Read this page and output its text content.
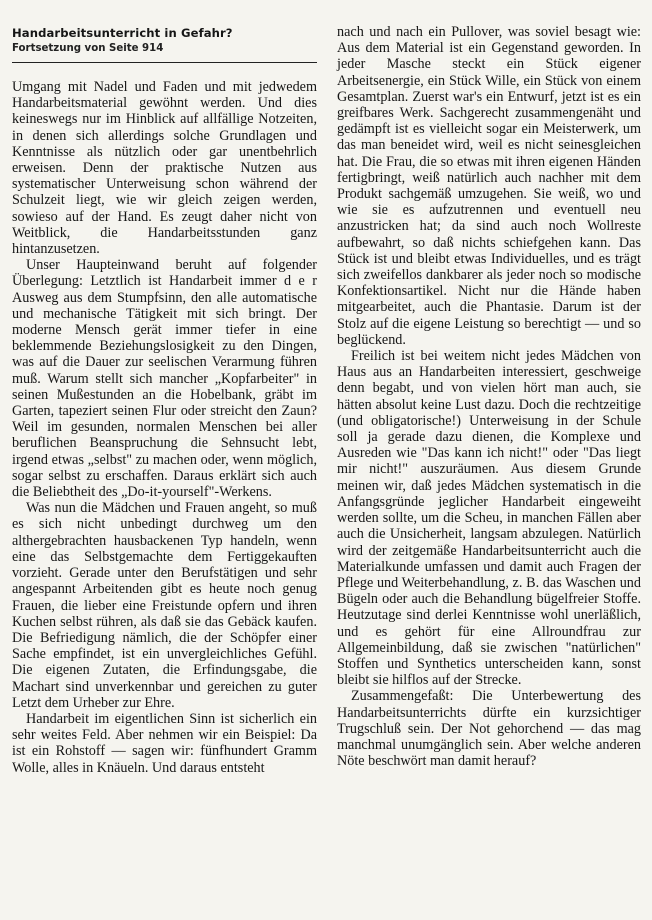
Handarbeitsunterricht in Gefahr?
Fortsetzung von Seite 914

Umgang mit Nadel und Faden und mit jedwedem Handarbeitsmaterial gewöhnt werden. Und dies keineswegs nur im Hinblick auf allfällige Notzeiten, in denen sich allerdings solche Grundlagen und Kenntnisse als nützlich oder gar unentbehrlich erweisen. Denn der praktische Nutzen aus systematischer Unterweisung schon während der Schulzeit liegt, wie wir gleich zeigen werden, sowieso auf der Hand. Es zeugt daher nicht von Weitblick, die Handarbeitsstunden ganz hintanzusetzen.

Unser Haupteinwand beruht auf folgender Überlegung: Letztlich ist Handarbeit immer d e r Ausweg aus dem Stumpfsinn, den alle automatische und mechanische Tätigkeit mit sich bringt. Der moderne Mensch gerät immer tiefer in eine beklemmende Beziehungslosigkeit zu den Dingen, was auf die Dauer zur seelischen Verarmung führen muß. Warum stellt sich mancher „Kopfarbeiter" in seinen Mußestunden an die Hobelbank, gräbt im Garten, tapeziert seinen Flur oder streicht den Zaun? Weil im gesunden, normalen Menschen bei aller beruflichen Beanspruchung die Sehnsucht lebt, irgend etwas „selbst" zu machen oder, wenn möglich, sogar selbst zu erschaffen. Daraus erklärt sich auch die Beliebtheit des „Do-it-yourself"-Werkens.

Was nun die Mädchen und Frauen angeht, so muß es sich nicht unbedingt durchweg um den althergebrachten hausbackenen Typ handeln, wenn eine das Selbstgemachte dem Fertiggekauften vorzieht. Gerade unter den Berufstätigen und sehr angespannt Arbeitenden gibt es heute noch genug Frauen, die lieber eine Freistunde opfern und ihren Kuchen selbst rühren, als daß sie das Gebäck kaufen. Die Befriedigung nämlich, die der Schöpfer einer Sache empfindet, ist ein unvergleichliches Gefühl. Die eigenen Zutaten, die Erfindungsgabe, die Machart sind unverkennbar und gereichen zu guter Letzt dem Urheber zur Ehre.

Handarbeit im eigentlichen Sinn ist sicherlich ein sehr weites Feld. Aber nehmen wir ein Beispiel: Da ist ein Rohstoff — sagen wir: fünfhundert Gramm Wolle, alles in Knäueln. Und daraus entsteht

nach und nach ein Pullover, was soviel besagt wie: Aus dem Material ist ein Gegenstand geworden. In jeder Masche steckt ein Stück eigener Arbeitsenergie, ein Stück Wille, ein Stück von einem Gesamtplan. Zuerst war's ein Entwurf, jetzt ist es ein greifbares Werk. Sachgerecht zusammengenäht und gedämpft ist es vielleicht sogar ein Meisterwerk, um das man beneidet wird, weil es nicht seinesgleichen hat. Die Frau, die so etwas mit ihren eigenen Händen fertigbringt, weiß natürlich auch nachher mit dem Produkt sachgemäß umzugehen. Sie weiß, wo und wie sie es aufzutrennen und eventuell neu anzustricken hat; da sind auch noch Wollreste aufbewahrt, so daß nichts schiefgehen kann. Das Stück ist und bleibt etwas Individuelles, und es trägt sich zweifellos dankbarer als jeder noch so modische Konfektionsartikel. Nicht nur die Hände haben mitgearbeitet, auch die Phantasie. Darum ist der Stolz auf die eigene Leistung so berechtigt — und so beglückend.

Freilich ist bei weitem nicht jedes Mädchen von Haus aus an Handarbeiten interessiert, geschweige denn begabt, und von vielen hört man auch, sie hätten absolut keine Lust dazu. Doch die rechtzeitige (und obligatorische!) Unterweisung in der Schule soll ja gerade dazu dienen, die Komplexe und Ausreden wie "Das kann ich nicht!" oder "Das liegt mir nicht!" auszuräumen. Aus diesem Grunde meinen wir, daß jedes Mädchen systematisch in die Anfangsgründe jeglicher Handarbeit eingeweiht werden sollte, um die Scheu, in manchen Fällen aber auch die Unsicherheit, langsam abzulegen. Natürlich wird der zeitgemäße Handarbeitsunterricht auch die Materialkunde umfassen und damit auch Fragen der Pflege und Weiterbehandlung, z. B. das Waschen und Bügeln oder auch die Behandlung bügelfreier Stoffe. Heutzutage sind derlei Kenntnisse wohl unerläßlich, und es gehört für eine Allroundfrau zur Allgemeinbildung, daß sie zwischen "natürlichen" Stoffen und Synthetics unterscheiden kann, sonst bleibt sie hilflos auf der Strecke.

Zusammengefaßt: Die Unterbewertung des Handarbeitsunterrichts dürfte ein kurzsichtiger Trugschluß sein. Der Not gehorchend — das mag manchmal unumgänglich sein. Aber welche anderen Nöte beschwört man damit herauf?
